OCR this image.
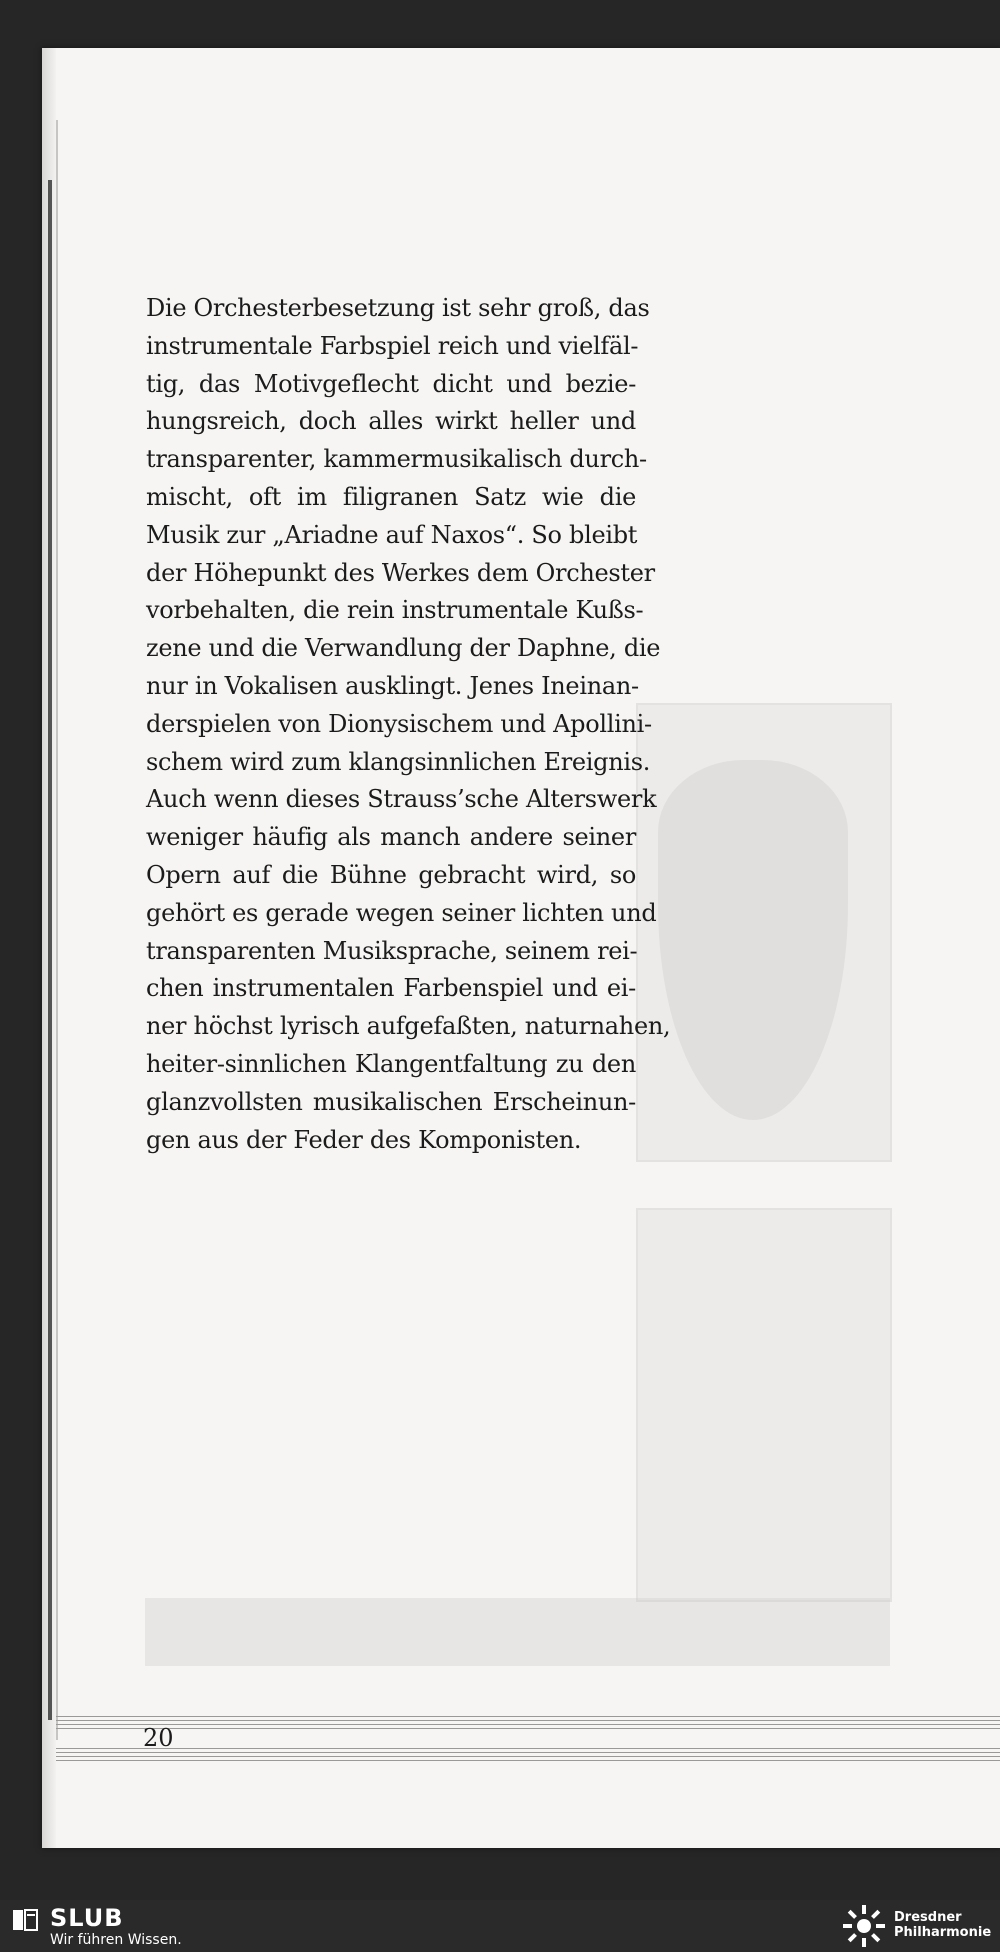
Die Orchesterbesetzung ist sehr groß, das
instrumentale Farbspiel reich und vielfäl-
tig, das Motivgeflecht dicht und bezie-
hungsreich, doch alles wirkt heller und
transparenter, kammermusikalisch durch-
mischt, oft im filigranen Satz wie die
Musik zur „Ariadne auf Naxos“. So bleibt
der Höhepunkt des Werkes dem Orchester
vorbehalten, die rein instrumentale Kußs-
zene und die Verwandlung der Daphne, die
nur in Vokalisen ausklingt. Jenes Ineinan-
derspielen von Dionysischem und Apollini-
schem wird zum klangsinnlichen Ereignis.
Auch wenn dieses Strauss’sche Alterswerk
weniger häufig als manch andere seiner
Opern auf die Bühne gebracht wird, so
gehört es gerade wegen seiner lichten und
transparenten Musiksprache, seinem rei-
chen instrumentalen Farbenspiel und ei-
ner höchst lyrisch aufgefaßten, naturnahen,
heiter-sinnlichen Klangentfaltung zu den
glanzvollsten musikalischen Erscheinun-
gen aus der Feder des Komponisten.
20
SLUB
Wir führen Wissen.
Dresdner
Philharmonie
